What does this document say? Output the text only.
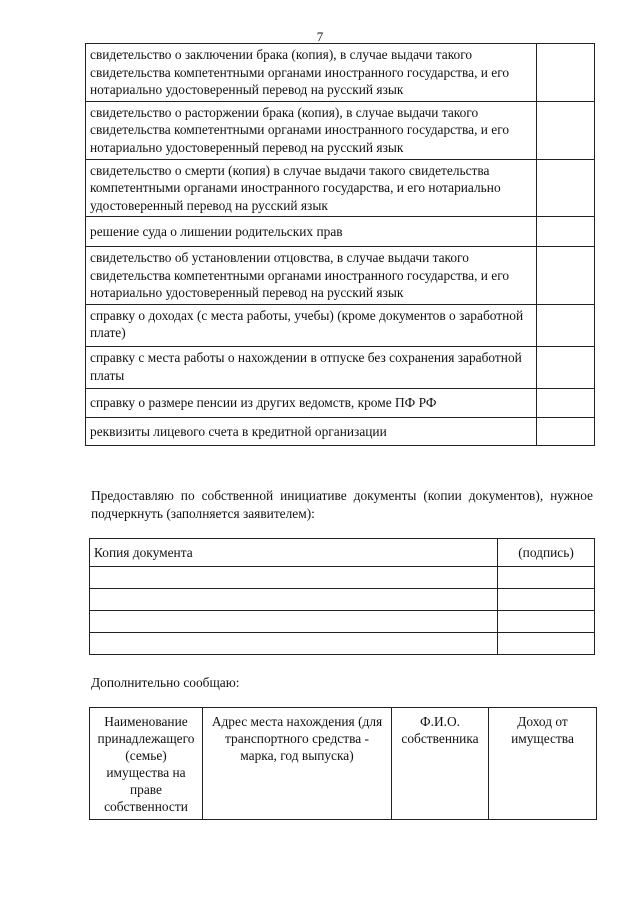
7
свидетельство о заключении брака (копия), в случае выдачи такого свидетельства компетентными органами иностранного государства, и его нотариально удостоверенный перевод на русский язык	
свидетельство о расторжении брака (копия), в случае выдачи такого свидетельства компетентными органами иностранного государства, и его нотариально удостоверенный перевод на русский язык	
свидетельство о смерти (копия) в случае выдачи такого свидетельства компетентными органами иностранного государства, и его нотариально удостоверенный перевод на русский язык	
решение суда о лишении родительских прав	
свидетельство об установлении отцовства, в случае выдачи такого свидетельства компетентными органами иностранного государства, и его нотариально удостоверенный перевод на русский язык	
справку о доходах (с места работы, учебы) (кроме документов о заработной плате)	
справку с места работы о нахождении в отпуске без сохранения заработной платы	
справку о размере пенсии из других ведомств, кроме ПФ РФ	
реквизиты лицевого счета в кредитной организации	
Предоставляю по собственной инициативе документы (копии документов), нужное подчеркнуть (заполняется заявителем):
Копия документа	(подпись)

Дополнительно сообщаю:
Наименование принадлежащего (семье) имущества на праве собственности	Адрес места нахождения (для транспортного средства - марка, год выпуска)	Ф.И.О. собственника	Доход от имущества
